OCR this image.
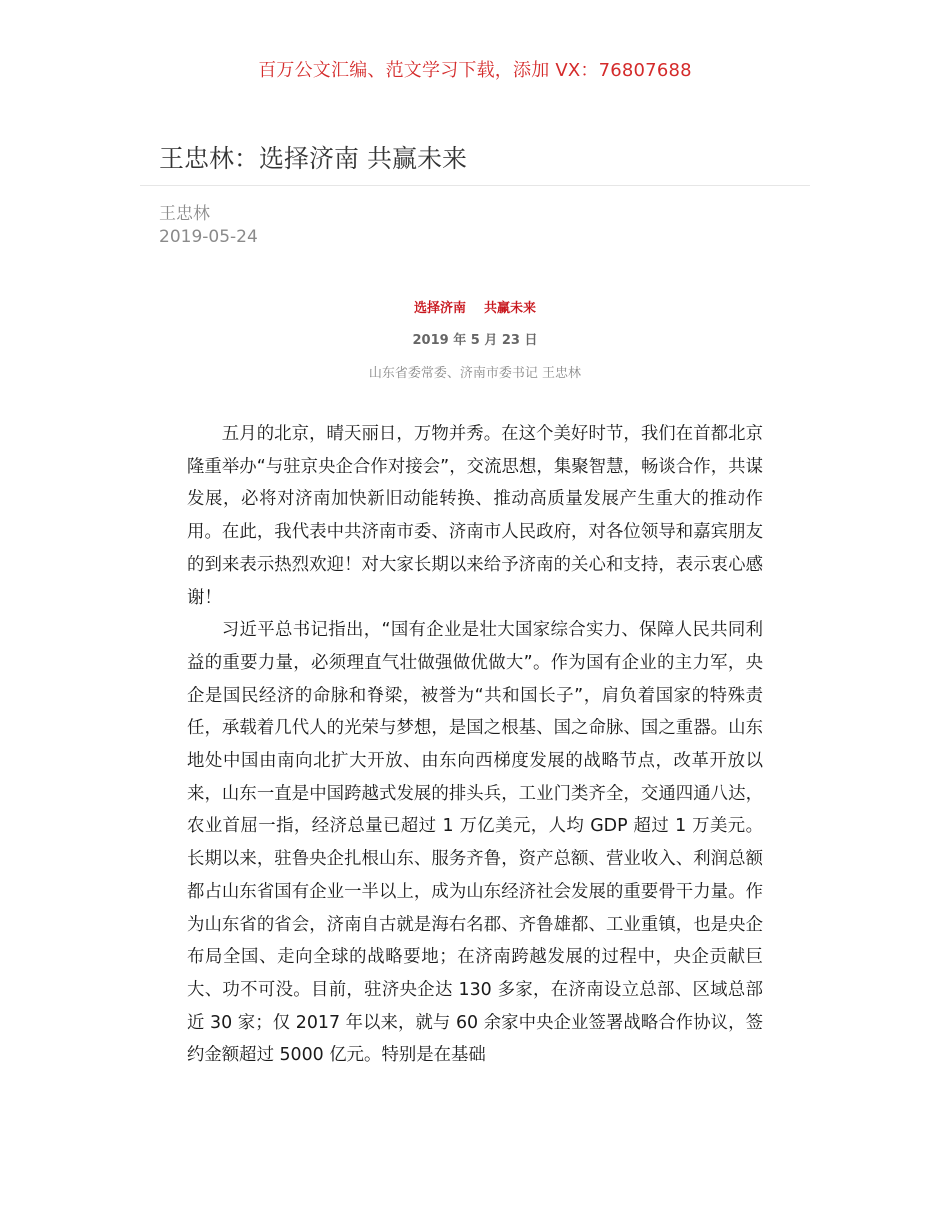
百万公文汇编、范文学习下载，添加 VX：76807688
王忠林：选择济南 共赢未来
王忠林
2019-05-24
选择济南 共赢未来
2019 年 5 月 23 日
山东省委常委、济南市委书记 王忠林

五月的北京，晴天丽日，万物并秀。在这个美好时节，我们在首都北京隆重举办“与驻京央企合作对接会”，交流思想，集聚智慧，畅谈合作，共谋发展，必将对济南加快新旧动能转换、推动高质量发展产生重大的推动作用。在此，我代表中共济南市委、济南市人民政府，对各位领导和嘉宾朋友的到来表示热烈欢迎！对大家长期以来给予济南的关心和支持，表示衷心感谢！

习近平总书记指出，“国有企业是壮大国家综合实力、保障人民共同利益的重要力量，必须理直气壮做强做优做大”。作为国有企业的主力军，央企是国民经济的命脉和脊梁，被誉为“共和国长子”，肩负着国家的特殊责任，承载着几代人的光荣与梦想，是国之根基、国之命脉、国之重器。山东地处中国由南向北扩大开放、由东向西梯度发展的战略节点，改革开放以来，山东一直是中国跨越式发展的排头兵，工业门类齐全，交通四通八达，农业首屈一指，经济总量已超过 1 万亿美元，人均 GDP 超过 1 万美元。长期以来，驻鲁央企扎根山东、服务齐鲁，资产总额、营业收入、利润总额都占山东省国有企业一半以上，成为山东经济社会发展的重要骨干力量。作为山东省的省会，济南自古就是海右名郡、齐鲁雄都、工业重镇，也是央企布局全国、走向全球的战略要地；在济南跨越发展的过程中，央企贡献巨大、功不可没。目前，驻济央企达 130 多家，在济南设立总部、区域总部近 30 家；仅 2017 年以来，就与 60 余家中央企业签署战略合作协议，签约金额超过 5000 亿元。特别是在基础
